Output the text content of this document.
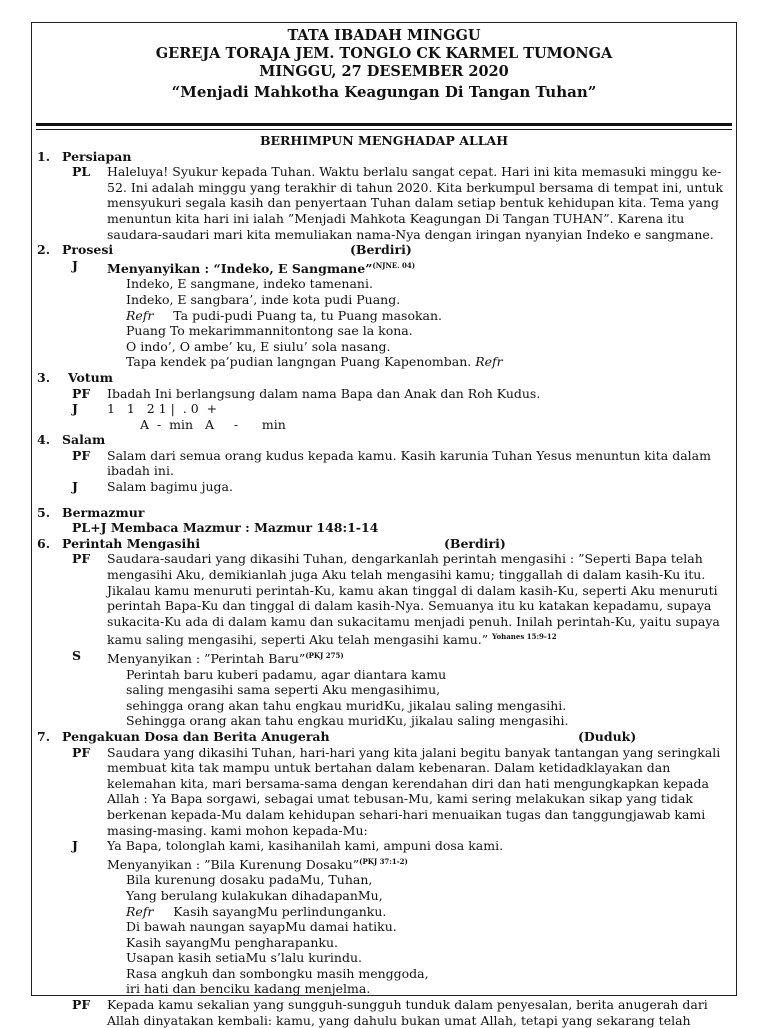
TATA IBADAH MINGGU
GEREJA TORAJA JEM. TONGLO CK KARMEL TUMONGA
MINGGU, 27 DESEMBER 2020
“Menjadi Mahkotha Keagungan Di Tangan Tuhan”
BERHIMPUN MENGHADAP ALLAH
1. Persiapan

PL Haleluya! Syukur kepada Tuhan. Waktu berlalu sangat cepat. Hari ini kita memasuki minggu ke-
52. Ini adalah minggu yang terakhir di tahun 2020. Kita berkumpul bersama di tempat ini, untuk
mensyukuri segala kasih dan penyertaan Tuhan dalam setiap bentuk kehidupan kita. Tema yang
menuntun kita hari ini ialah ”Menjadi Mahkota Keagungan Di Tangan TUHAN”. Karena itu
saudara-saudari mari kita memuliakan nama-Nya dengan iringan nyanyian Indeko e sangmane.
2. Prosesi	(Berdiri)

J Menyanyikan : “Indeko, E Sangmane”$^{(NJNE. 04)}$
Indeko, E sangmane, indeko tamenani.
Indeko, E sangbara’, inde kota pudi Puang.
Refr Ta pudi-pudi Puang ta, tu Puang masokan.
Puang To mekarimmannitontong sae la kona.
O indo’, O ambe’ ku, E siulu’ sola nasang.
Tapa kendek pa’pudian langngan Puang Kapenomban. Refr
3. Votum

PF Ibadah Ini berlangsung dalam nama Bapa dan Anak dan Roh Kudus.
J 1   1   2 1 |  . 0  +
A  -  min   A     -      min
4. Salam

PF Salam dari semua orang kudus kepada kamu. Kasih karunia Tuhan Yesus menuntun kita dalam
ibadah ini.
J Salam bagimu juga.
5. Bermazmur

PL+J Membaca Mazmur : Mazmur 148:1-14
6. Perintah Mengasihi	(Berdiri)

PF Saudara-saudari yang dikasihi Tuhan, dengarkanlah perintah mengasihi : ”Seperti Bapa telah
mengasihi Aku, demikianlah juga Aku telah mengasihi kamu; tinggallah di dalam kasih-Ku itu.
Jikalau kamu menuruti perintah-Ku, kamu akan tinggal di dalam kasih-Ku, seperti Aku menuruti
perintah Bapa-Ku dan tinggal di dalam kasih-Nya. Semuanya itu ku katakan kepadamu, supaya
sukacita-Ku ada di dalam kamu dan sukacitamu menjadi penuh. Inilah perintah-Ku, yaitu supaya
kamu saling mengasihi, seperti Aku telah mengasihi kamu.” $^{Yohanes 15:9-12}$
S Menyanyikan : ”Perintah Baru”$^{(PKJ 275)}$
Perintah baru kuberi padamu, agar diantara kamu
saling mengasihi sama seperti Aku mengasihimu,
sehingga orang akan tahu engkau muridKu, jikalau saling mengasihi.
Sehingga orang akan tahu engkau muridKu, jikalau saling mengasihi.
7. Pengakuan Dosa dan Berita Anugerah	(Duduk)

PF Saudara yang dikasihi Tuhan, hari-hari yang kita jalani begitu banyak tantangan yang seringkali
membuat kita tak mampu untuk bertahan dalam kebenaran. Dalam ketidadklayakan dan
kelemahan kita, mari bersama-sama dengan kerendahan diri dan hati mengungkapkan kepada
Allah : Ya Bapa sorgawi, sebagai umat tebusan-Mu, kami sering melakukan sikap yang tidak
berkenan kepada-Mu dalam kehidupan sehari-hari menuaikan tugas dan tanggungjawab kami
masing-masing. kami mohon kepada-Mu:
J Ya Bapa, tolonglah kami, kasihanilah kami, ampuni dosa kami.
Menyanyikan : ”Bila Kurenung Dosaku”$^{(PKJ 37:1-2)}$
Bila kurenung dosaku padaMu, Tuhan,
Yang berulang kulakukan dihadapanMu,
Refr Kasih sayangMu perlindunganku.
Di bawah naungan sayapMu damai hatiku.
Kasih sayangMu pengharapanku.
Usapan kasih setiaMu s’lalu kurindu.
Rasa angkuh dan sombongku masih menggoda,
iri hati dan benciku kadang menjelma.
PF Kepada kamu sekalian yang sungguh-sungguh tunduk dalam penyesalan, berita anugerah dari
Allah dinyatakan kembali: kamu, yang dahulu bukan umat Allah, tetapi yang sekarang telah
